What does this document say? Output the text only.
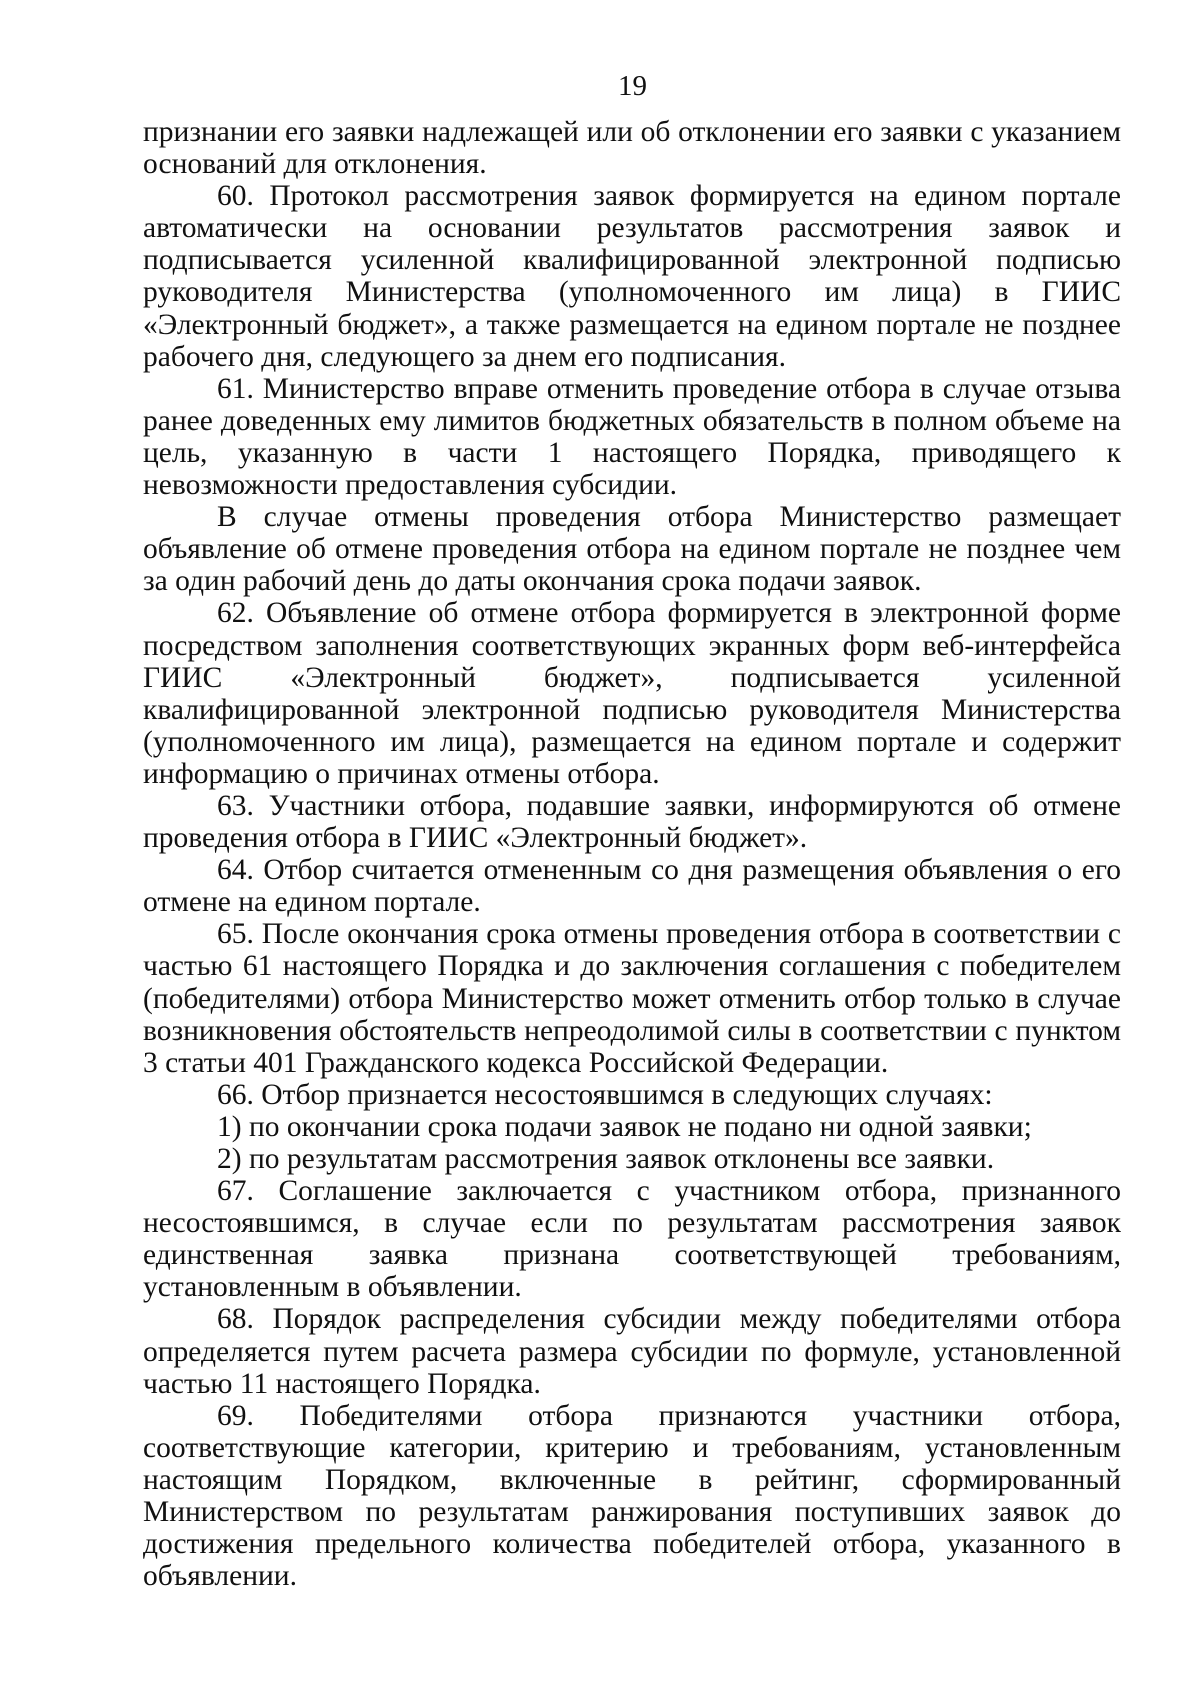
19

признании его заявки надлежащей или об отклонении его заявки с указанием оснований для отклонения.

60. Протокол рассмотрения заявок формируется на едином портале автоматически на основании результатов рассмотрения заявок и подписывается усиленной квалифицированной электронной подписью руководителя Министерства (уполномоченного им лица) в ГИИС «Электронный бюджет», а также размещается на едином портале не позднее рабочего дня, следующего за днем его подписания.

61. Министерство вправе отменить проведение отбора в случае отзыва ранее доведенных ему лимитов бюджетных обязательств в полном объеме на цель, указанную в части 1 настоящего Порядка, приводящего к невозможности предоставления субсидии.

В случае отмены проведения отбора Министерство размещает объявление об отмене проведения отбора на едином портале не позднее чем за один рабочий день до даты окончания срока подачи заявок.

62. Объявление об отмене отбора формируется в электронной форме посредством заполнения соответствующих экранных форм веб-интерфейса ГИИС «Электронный бюджет», подписывается усиленной квалифицированной электронной подписью руководителя Министерства (уполномоченного им лица), размещается на едином портале и содержит информацию о причинах отмены отбора.

63. Участники отбора, подавшие заявки, информируются об отмене проведения отбора в ГИИС «Электронный бюджет».

64. Отбор считается отмененным со дня размещения объявления о его отмене на едином портале.

65. После окончания срока отмены проведения отбора в соответствии с частью 61 настоящего Порядка и до заключения соглашения с победителем (победителями) отбора Министерство может отменить отбор только в случае возникновения обстоятельств непреодолимой силы в соответствии с пунктом 3 статьи 401 Гражданского кодекса Российской Федерации.

66. Отбор признается несостоявшимся в следующих случаях:

1) по окончании срока подачи заявок не подано ни одной заявки;

2) по результатам рассмотрения заявок отклонены все заявки.

67. Соглашение заключается с участником отбора, признанного несостоявшимся, в случае если по результатам рассмотрения заявок единственная заявка признана соответствующей требованиям, установленным в объявлении.

68. Порядок распределения субсидии между победителями отбора определяется путем расчета размера субсидии по формуле, установленной частью 11 настоящего Порядка.

69. Победителями отбора признаются участники отбора, соответствующие категории, критерию и требованиям, установленным настоящим Порядком, включенные в рейтинг, сформированный Министерством по результатам ранжирования поступивших заявок до достижения предельного количества победителей отбора, указанного в объявлении.
